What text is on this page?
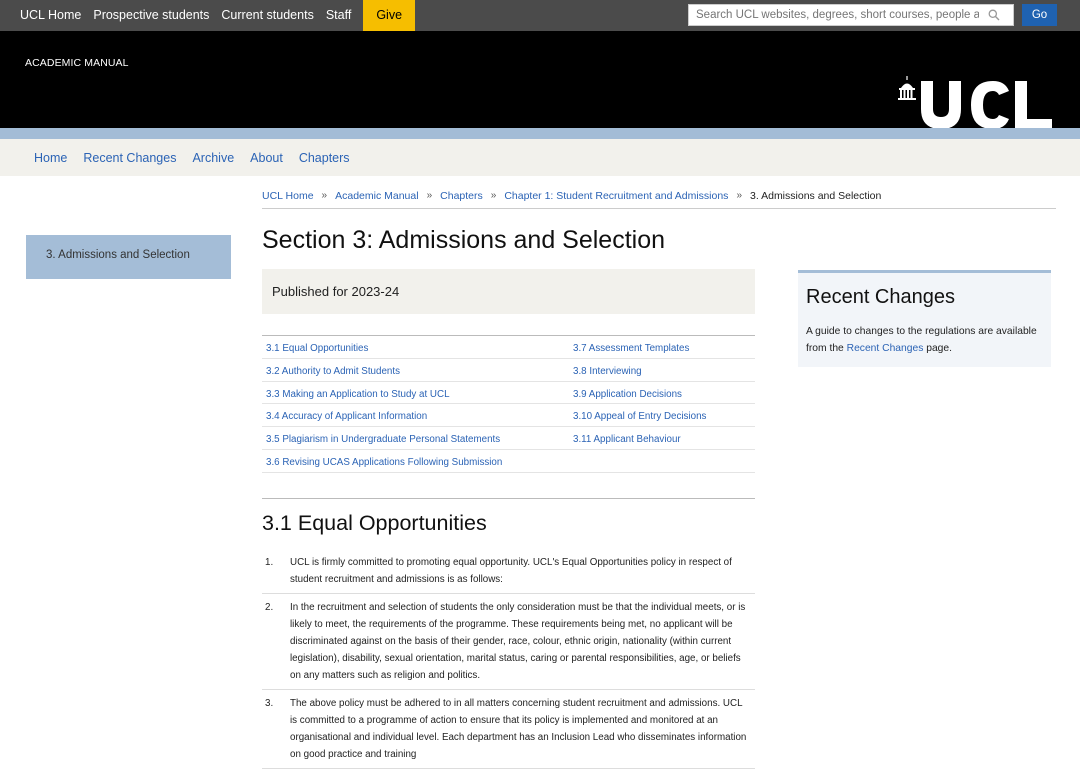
UCL Home Prospective students Current students Staff	Give
Search UCL websites, degrees, short courses, people and more	Go
ACADEMIC MANUAL
Home Recent Changes Archive About Chapters
UCL Home » Academic Manual » Chapters » Chapter 1: Student Recruitment and Admissions » 3. Admissions and Selection
3. Admissions and Selection
Section 3: Admissions and Selection
Published for 2023-24
3.1 Equal Opportunities	3.7 Assessment Templates
3.2 Authority to Admit Students	3.8 Interviewing
3.3 Making an Application to Study at UCL	3.9 Application Decisions
3.4 Accuracy of Applicant Information	3.10 Appeal of Entry Decisions
3.5 Plagiarism in Undergraduate Personal Statements	3.11 Applicant Behaviour
3.6 Revising UCAS Applications Following Submission
3.1 Equal Opportunities
1.	UCL is firmly committed to promoting equal opportunity. UCL's Equal Opportunities policy in respect of student recruitment and admissions is as follows:
2.	In the recruitment and selection of students the only consideration must be that the individual meets, or is likely to meet, the requirements of the programme. These requirements being met, no applicant will be discriminated against on the basis of their gender, race, colour, ethnic origin, nationality (within current legislation), disability, sexual orientation, marital status, caring or parental responsibilities, age, or beliefs on any matters such as religion and politics.
3.	The above policy must be adhered to in all matters concerning student recruitment and admissions. UCL is committed to a programme of action to ensure that its policy is implemented and monitored at an organisational and individual level. Each department has an Inclusion Lead who disseminates information on good practice and training
Recent Changes

A guide to changes to the regulations are available from the Recent Changes page.
